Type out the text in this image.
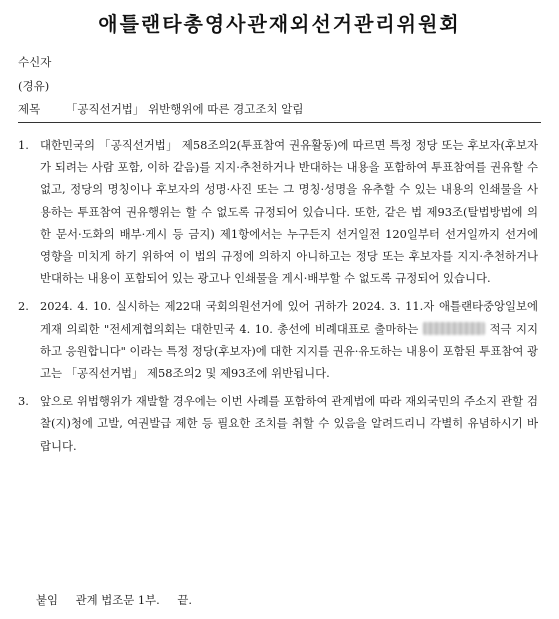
애틀랜타총영사관재외선거관리위원회
수신자
(경유)
제목 「공직선거법」 위반행위에 따른 경고조치 알림
1. 대한민국의 「공직선거법」 제58조의2(투표참여 권유활동)에 따르면 특정 정당 또는 후보자(후보자가 되려는 사람 포함, 이하 같음)를 지지·추천하거나 반대하는 내용을 포함하여 투표참여를 권유할 수 없고, 정당의 명칭이나 후보자의 성명·사진 또는 그 명칭·성명을 유추할 수 있는 내용의 인쇄물을 사용하는 투표참여 권유행위는 할 수 없도록 규정되어 있습니다. 또한, 같은 법 제93조(탈법방법에 의한 문서·도화의 배부·게시 등 금지) 제1항에서는 누구든지 선거일전 120일부터 선거일까지 선거에 영향을 미치게 하기 위하여 이 법의 규정에 의하지 아니하고는 정당 또는 후보자를 지지·추천하거나 반대하는 내용이 포함되어 있는 광고나 인쇄물을 게시·배부할 수 없도록 규정되어 있습니다.
2. 2024. 4. 10. 실시하는 제22대 국회의원선거에 있어 귀하가 2024. 3. 11.자 애틀랜타중앙일보에 게재 의뢰한 "전세계협의회는 대한민국 4. 10. 총선에 비례대표로 출마하는	적극 지지하고 응원합니다" 이라는 특정 정당(후보자)에 대한 지지를 권유·유도하는 내용이 포함된 투표참여 광고는 「공직선거법」 제58조의2 및 제93조에 위반됩니다.
3. 앞으로 위법행위가 재발할 경우에는 이번 사례를 포함하여 관계법에 따라 재외국민의 주소지 관할 검찰(지)청에 고발, 여권발급 제한 등 필요한 조치를 취할 수 있음을 알려드리니 각별히 유념하시기 바랍니다.
붙임 관계 법조문 1부. 끝.
